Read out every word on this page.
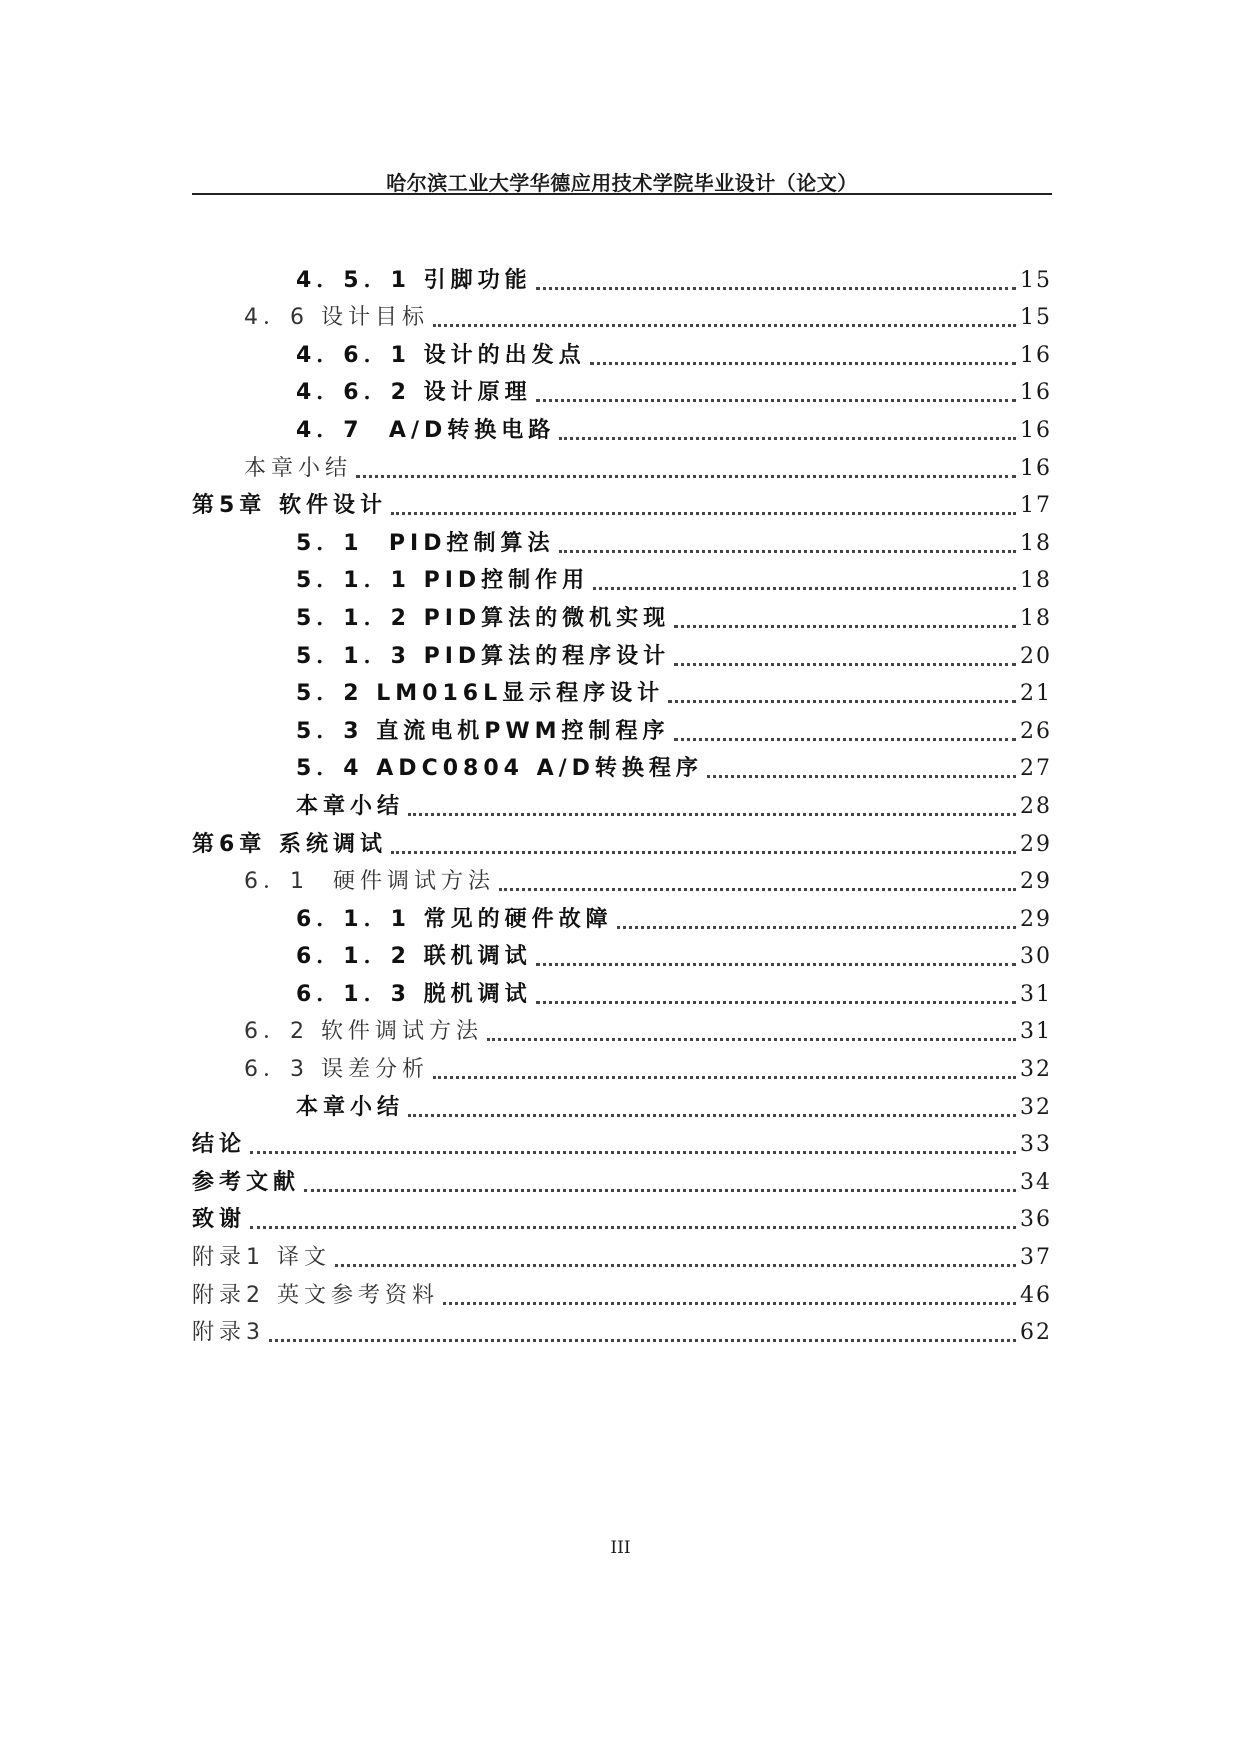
哈尔滨工业大学华德应用技术学院毕业设计（论文）
4．5．1 引脚功能	15
4．6 设计目标	15
4．6．1 设计的出发点	16
4．6．2 设计原理	16
4．7  A/D转换电路	16
本章小结	16
第5章 软件设计	17
5．1  PID控制算法	18
5．1．1 PID控制作用	18
5．1．2 PID算法的微机实现	18
5．1．3 PID算法的程序设计	20
5．2 LM016L显示程序设计	21
5．3 直流电机PWM控制程序	26
5．4 ADC0804 A/D转换程序	27
本章小结	28
第6章 系统调试	29
6．1  硬件调试方法	29
6．1．1 常见的硬件故障	29
6．1．2 联机调试	30
6．1．3 脱机调试	31
6．2 软件调试方法	31
6．3 误差分析	32
本章小结	32
结论	33
参考文献	34
致谢	36
附录1 译文	37
附录2 英文参考资料	46
附录3	62
III
